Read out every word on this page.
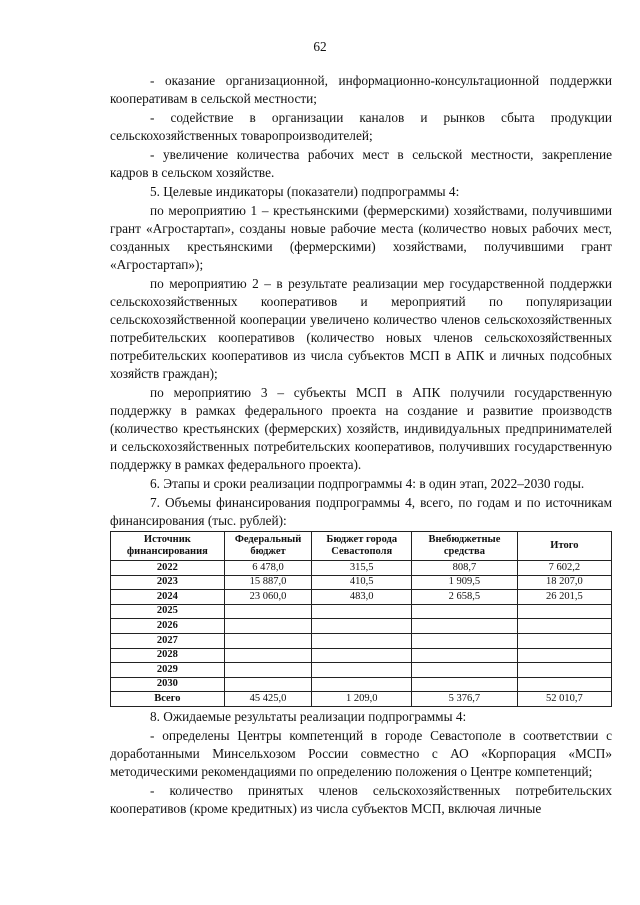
62

- оказание организационной, информационно-консультационной поддержки кооперативам в сельской местности;

- содействие в организации каналов и рынков сбыта продукции сельскохозяйственных товаропроизводителей;

- увеличение количества рабочих мест в сельской местности, закрепление кадров в сельском хозяйстве.

5. Целевые индикаторы (показатели) подпрограммы 4:

по мероприятию 1 – крестьянскими (фермерскими) хозяйствами, получившими грант «Агростартап», созданы новые рабочие места (количество новых рабочих мест, созданных крестьянскими (фермерскими) хозяйствами, получившими грант «Агростартап»);

по мероприятию 2 – в результате реализации мер государственной поддержки сельскохозяйственных кооперативов и мероприятий по популяризации сельскохозяйственной кооперации увеличено количество членов сельскохозяйственных потребительских кооперативов (количество новых членов сельскохозяйственных потребительских кооперативов из числа субъектов МСП в АПК и личных подсобных хозяйств граждан);

по мероприятию 3 – субъекты МСП в АПК получили государственную поддержку в рамках федерального проекта на создание и развитие производств (количество крестьянских (фермерских) хозяйств, индивидуальных предпринимателей и сельскохозяйственных потребительских кооперативов, получивших государственную поддержку в рамках федерального проекта).

6. Этапы и сроки реализации подпрограммы 4: в один этап, 2022–2030 годы.

7. Объемы финансирования подпрограммы 4, всего, по годам и по источникам финансирования (тыс. рублей):

Источник финансирования	Федеральный бюджет	Бюджет города Севастополя	Внебюджетные средства	Итого
2022	6 478,0	315,5	808,7	7 602,2
2023	15 887,0	410,5	1 909,5	18 207,0
2024	23 060,0	483,0	2 658,5	26 201,5
2025				
2026				
2027				
2028				
2029				
2030				
Всего	45 425,0	1 209,0	5 376,7	52 010,7

8. Ожидаемые результаты реализации подпрограммы 4:

- определены Центры компетенций в городе Севастополе в соответствии с доработанными Минсельхозом России совместно с АО «Корпорация «МСП» методическими рекомендациями по определению положения о Центре компетенций;

- количество принятых членов сельскохозяйственных потребительских кооперативов (кроме кредитных) из числа субъектов МСП, включая личные
